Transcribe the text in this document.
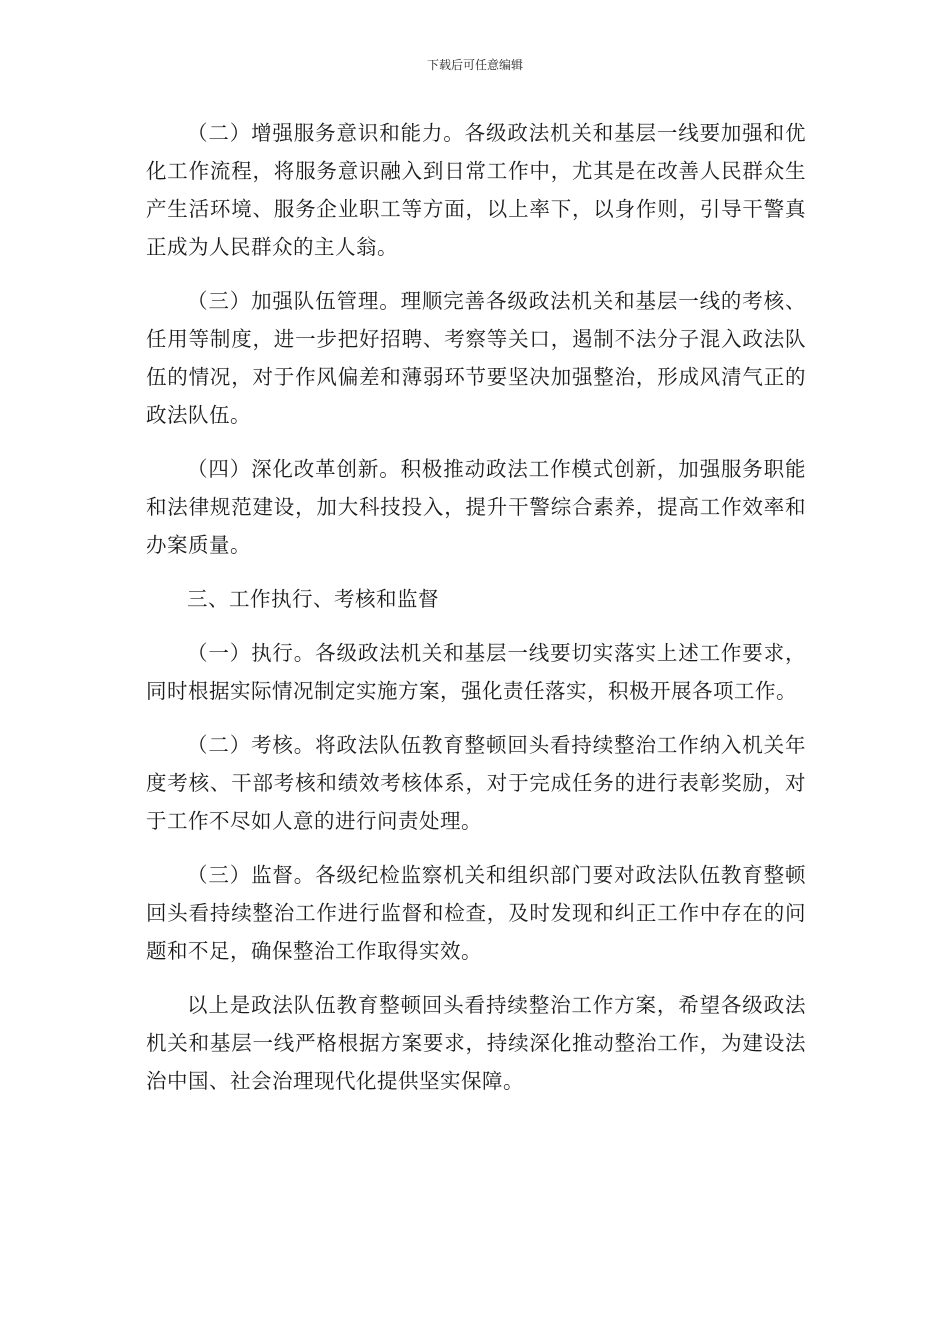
下载后可任意编辑

（二）增强服务意识和能力。各级政法机关和基层一线要加强和优化工作流程，将服务意识融入到日常工作中，尤其是在改善人民群众生产生活环境、服务企业职工等方面，以上率下，以身作则，引导干警真正成为人民群众的主人翁。

（三）加强队伍管理。理顺完善各级政法机关和基层一线的考核、任用等制度，进一步把好招聘、考察等关口，遏制不法分子混入政法队伍的情况，对于作风偏差和薄弱环节要坚决加强整治，形成风清气正的政法队伍。

（四）深化改革创新。积极推动政法工作模式创新，加强服务职能和法律规范建设，加大科技投入，提升干警综合素养，提高工作效率和办案质量。

三、工作执行、考核和监督

（一）执行。各级政法机关和基层一线要切实落实上述工作要求，同时根据实际情况制定实施方案，强化责任落实，积极开展各项工作。

（二）考核。将政法队伍教育整顿回头看持续整治工作纳入机关年度考核、干部考核和绩效考核体系，对于完成任务的进行表彰奖励，对于工作不尽如人意的进行问责处理。

（三）监督。各级纪检监察机关和组织部门要对政法队伍教育整顿回头看持续整治工作进行监督和检查，及时发现和纠正工作中存在的问题和不足，确保整治工作取得实效。

以上是政法队伍教育整顿回头看持续整治工作方案，希望各级政法机关和基层一线严格根据方案要求，持续深化推动整治工作，为建设法治中国、社会治理现代化提供坚实保障。
